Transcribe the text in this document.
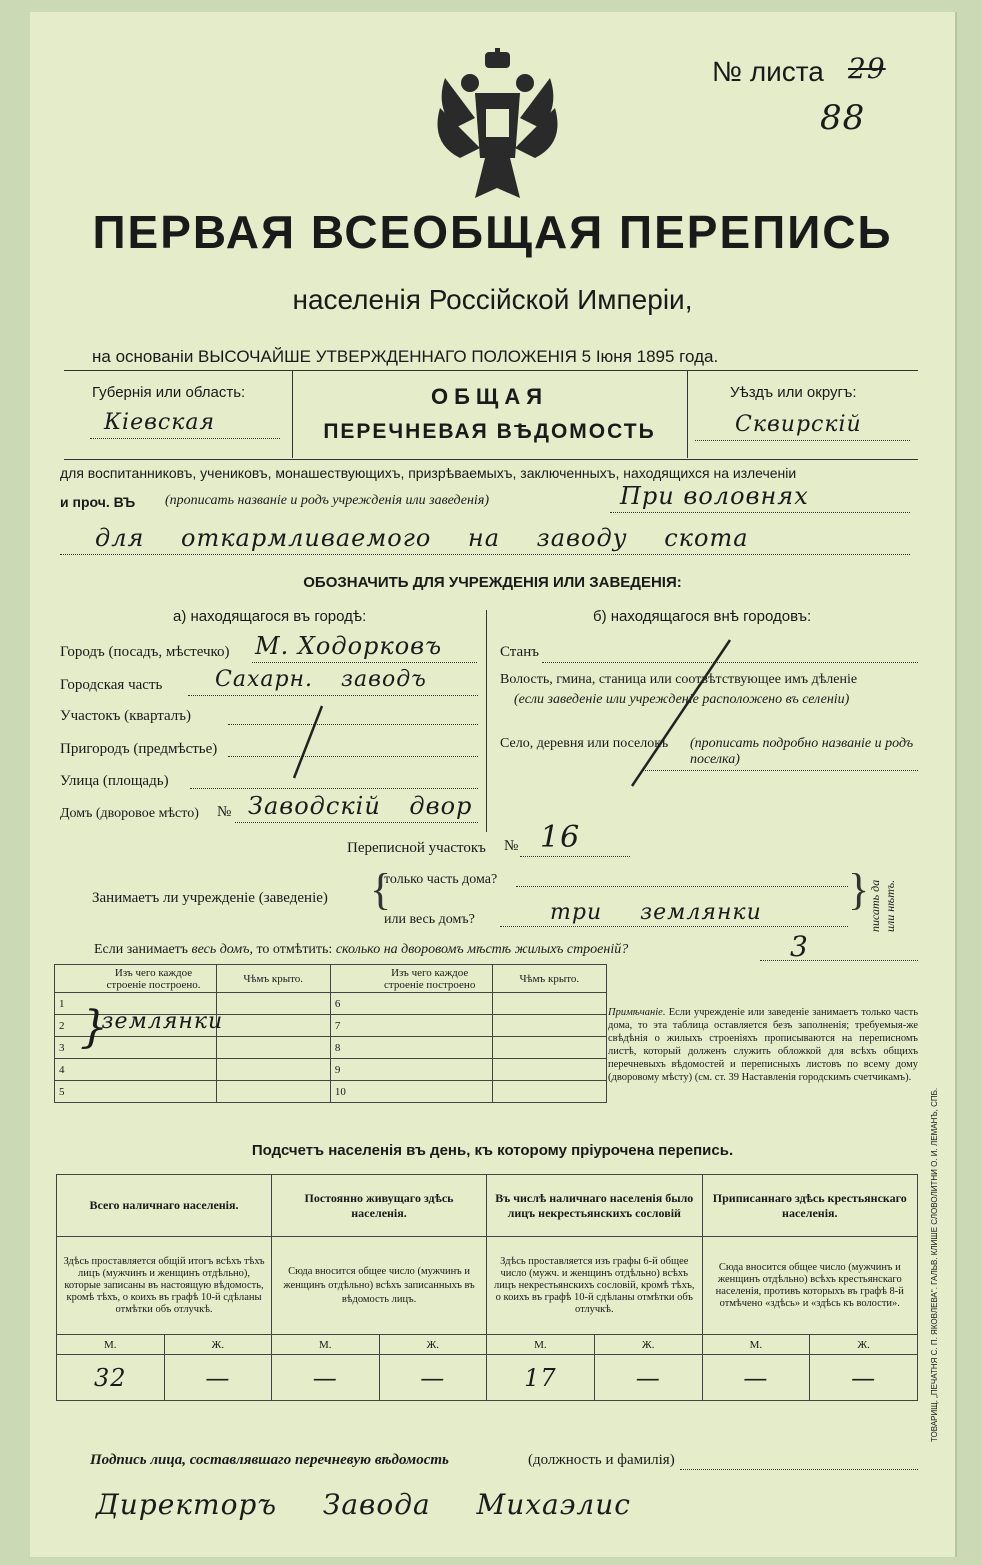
№ листа 29
88
ПЕРВАЯ ВСЕОБЩАЯ ПЕРЕПИСЬ
населенія Россійской Имперіи,
на основаніи ВЫСОЧАЙШЕ УТВЕРЖДЕННАГО ПОЛОЖЕНІЯ 5 Іюня 1895 года.
Губернія или область:
Кіевская
ОБЩАЯ
ПЕРЕЧНЕВАЯ ВѢДОМОСТЬ
Уѣздъ или округъ:
Сквирскій
для воспитанниковъ, учениковъ, монашествующихъ, призрѣваемыхъ, заключенныхъ, находящихся на излеченіи
и проч. ВЪ (прописать названіе и родъ учрежденія или заведенія)	При воловнях
для откармливаемого на заводу скота
ОБОЗНАЧИТЬ ДЛЯ УЧРЕЖДЕНІЯ ИЛИ ЗАВЕДЕНІЯ:
а) находящагося въ городѣ:
Городъ (посадъ, мѣстечко) М. Ходорковъ
Городская часть Сахарн. заводъ
Участокъ (кварталъ)
Пригородъ (предмѣстье)
Улица (площадь)
Домъ (дворовое мѣсто) № Заводскій двор
б) находящагося внѣ городовъ:
Станъ
Волость, гмина, станица или соотвѣтствующее имъ дѣленіе
(если заведеніе или учрежденіе расположено въ селеніи)
Село, деревня или поселокъ (прописать подробно названіе и родъ поселка)
Переписной участокъ № 16
Занимаетъ ли учрежденіе (заведеніе) {
только часть дома?
или весь домъ?	три землянки }
писать да или нѣтъ.
Если занимаетъ весь домъ, то отмѣтить: сколько на дворовомъ мѣстѣ жилыхъ строеній?	3
	Изъ чего каждое строеніе построено.	Чѣмъ крыто.		Изъ чего каждое строеніе построено	Чѣмъ крыто.
1			6		
2	землянки		7		
3			8		
4			9		
5			10		
}	Примѣчаніе. Если учрежденіе или заведеніе занимаетъ только часть дома, то эта таблица оставляется безъ заполненія; требуемыя-же свѣдѣнія о жилыхъ строеніяхъ прописываются на переписномъ листѣ, который долженъ служить обложкой для всѣхъ общихъ перечневыхъ вѣдомостей и переписныхъ листовъ по всему дому (дворовому мѣсту) (см. ст. 39 Наставленія городскимъ счетчикамъ).
Подсчетъ населенія въ день, къ которому пріурочена перепись.
Всего наличнаго населенія.		Постоянно живущаго здѣсь населенія.		Въ числѣ наличнаго населенія было лицъ некрестьянскихъ сословій		Приписаннаго здѣсь крестьянскаго населенія.	
Здѣсь проставляется общій итогъ всѣхъ тѣхъ лицъ (мужчинъ и женщинъ отдѣльно), которые записаны въ настоящую вѣдомость, кромѣ тѣхъ, о коихъ въ графѣ 10-й сдѣланы отмѣтки объ отлучкѣ.		Сюда вносится общее число (мужчинъ и женщинъ отдѣльно) всѣхъ записанныхъ въ вѣдомость лицъ.		Здѣсь проставляется изъ графы 6-й общее число (мужч. и женщинъ отдѣльно) всѣхъ лицъ некрестьянскихъ сословій, кромѣ тѣхъ, о коихъ въ графѣ 10-й сдѣланы отмѣтки объ отлучкѣ.		Сюда вносится общее число (мужчинъ и женщинъ отдѣльно) всѣхъ крестьянскаго населенія, противъ которыхъ въ графѣ 8-й отмѣчено «здѣсь» и «здѣсь къ волости».	
М.	Ж.	М.	Ж.	М.	Ж.	М.	Ж.
32	—	—	—	17	—	—	—
Подпись лица, составлявшаго перечневую вѣдомость	(должность и фамилія)
Директоръ Завода Михаэлис
ТОВАРИЩ. „ПЕЧАТНЯ С. П. ЯКОВЛЕВА". ГАЛЬВ. КЛИШЕ СЛОВОЛИТНИ О. И. ЛЕМАНЪ, СПБ.
